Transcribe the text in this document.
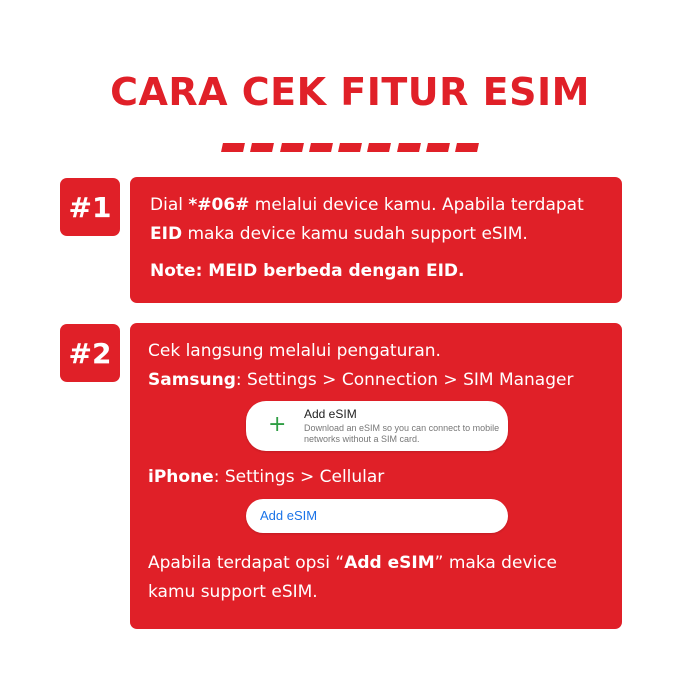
CARA CEK FITUR ESIM
#1	Dial *#06# melalui device kamu. Apabila terdapat

EID maka device kamu sudah support eSIM.

Note: MEID berbeda dengan EID.

#2	Cek langsung melalui pengaturan.

Samsung: Settings > Connection > SIM Manager

+ Add eSIM
Download an eSIM so you can connect to mobile networks without a SIM card.

iPhone: Settings > Cellular

Add eSIM

Apabila terdapat opsi “Add eSIM” maka device kamu support eSIM.
